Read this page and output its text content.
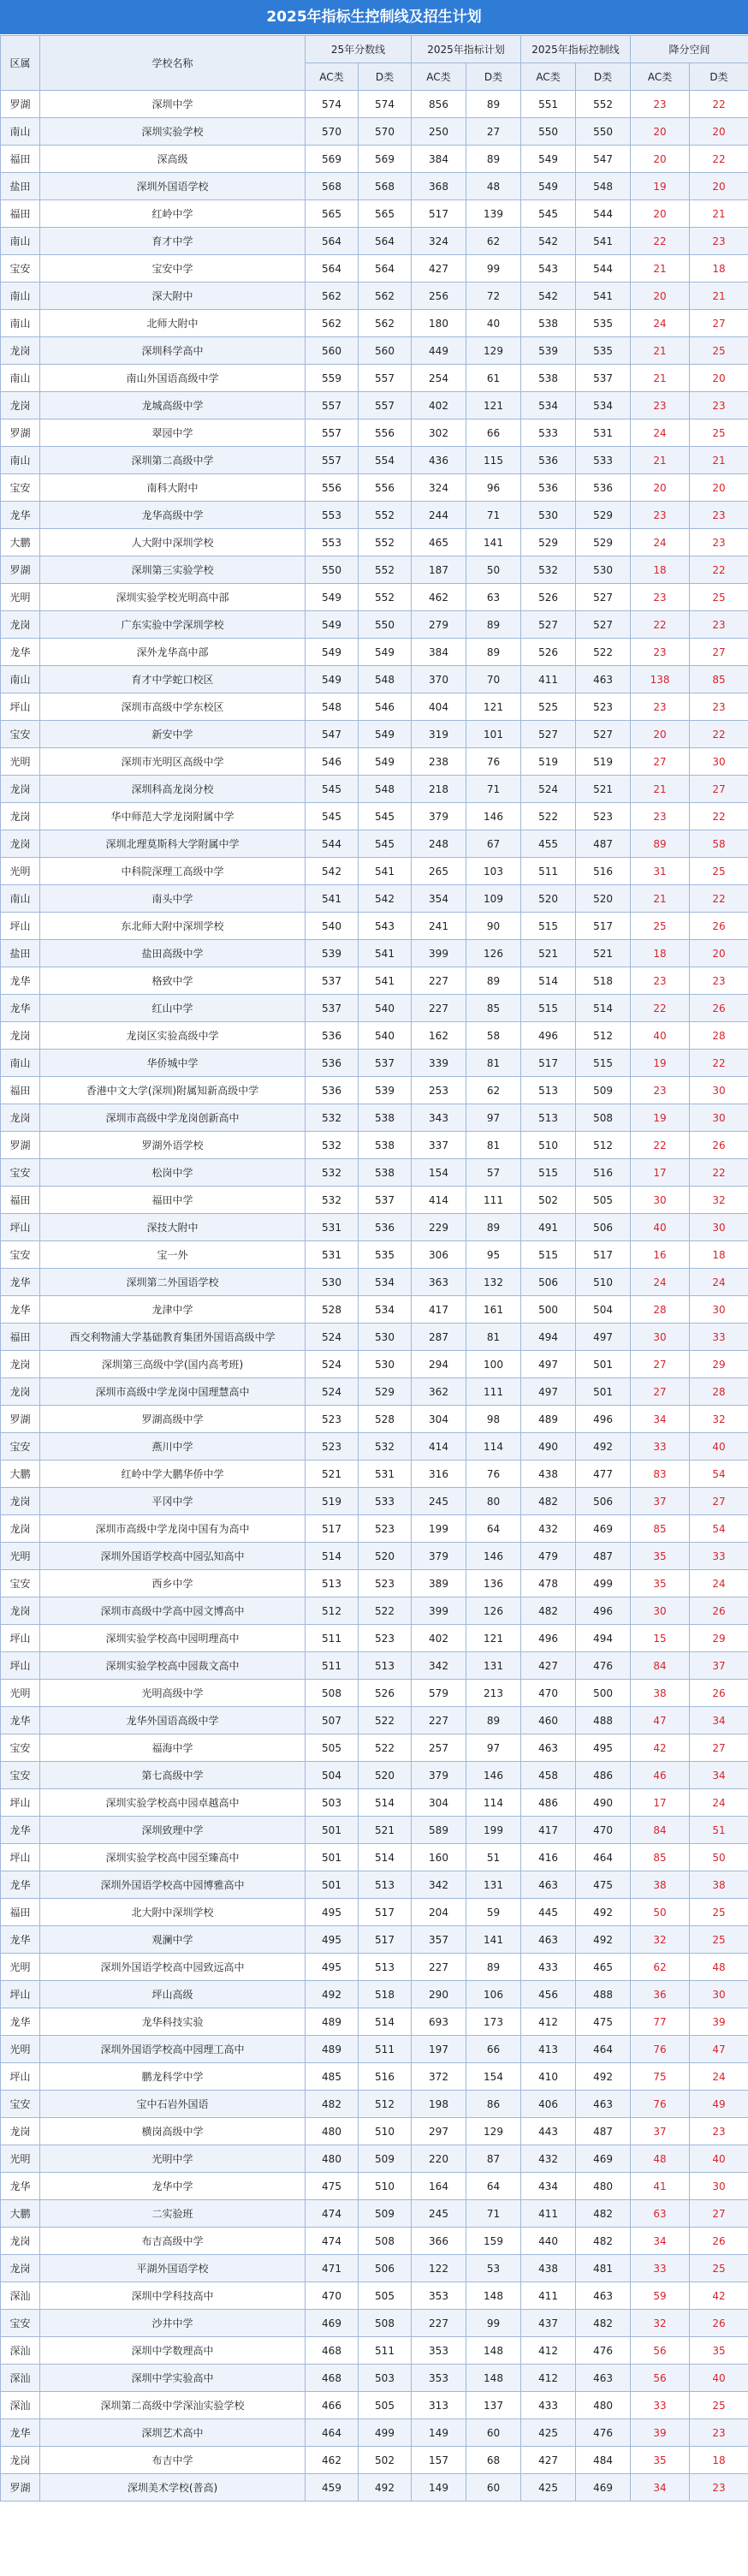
2025年指标生控制线及招生计划
区属	学校名称	25年分数线		2025年指标计划		2025年指标控制线		降分空间	
		AC类	D类	AC类	D类	AC类	D类	AC类	D类
罗湖	深圳中学	574	574	856	89	551	552	23	22
南山	深圳实验学校	570	570	250	27	550	550	20	20
福田	深高级	569	569	384	89	549	547	20	22
盐田	深圳外国语学校	568	568	368	48	549	548	19	20
福田	红岭中学	565	565	517	139	545	544	20	21
南山	育才中学	564	564	324	62	542	541	22	23
宝安	宝安中学	564	564	427	99	543	544	21	18
南山	深大附中	562	562	256	72	542	541	20	21
南山	北师大附中	562	562	180	40	538	535	24	27
龙岗	深圳科学高中	560	560	449	129	539	535	21	25
南山	南山外国语高级中学	559	557	254	61	538	537	21	20
龙岗	龙城高级中学	557	557	402	121	534	534	23	23
罗湖	翠园中学	557	556	302	66	533	531	24	25
南山	深圳第二高级中学	557	554	436	115	536	533	21	21
宝安	南科大附中	556	556	324	96	536	536	20	20
龙华	龙华高级中学	553	552	244	71	530	529	23	23
大鹏	人大附中深圳学校	553	552	465	141	529	529	24	23
罗湖	深圳第三实验学校	550	552	187	50	532	530	18	22
光明	深圳实验学校光明高中部	549	552	462	63	526	527	23	25
龙岗	广东实验中学深圳学校	549	550	279	89	527	527	22	23
龙华	深外龙华高中部	549	549	384	89	526	522	23	27
南山	育才中学蛇口校区	549	548	370	70	411	463	138	85
坪山	深圳市高级中学东校区	548	546	404	121	525	523	23	23
宝安	新安中学	547	549	319	101	527	527	20	22
光明	深圳市光明区高级中学	546	549	238	76	519	519	27	30
龙岗	深圳科高龙岗分校	545	548	218	71	524	521	21	27
龙岗	华中师范大学龙岗附属中学	545	545	379	146	522	523	23	22
龙岗	深圳北理莫斯科大学附属中学	544	545	248	67	455	487	89	58
光明	中科院深理工高级中学	542	541	265	103	511	516	31	25
南山	南头中学	541	542	354	109	520	520	21	22
坪山	东北师大附中深圳学校	540	543	241	90	515	517	25	26
盐田	盐田高级中学	539	541	399	126	521	521	18	20
龙华	格致中学	537	541	227	89	514	518	23	23
龙华	红山中学	537	540	227	85	515	514	22	26
龙岗	龙岗区实验高级中学	536	540	162	58	496	512	40	28
南山	华侨城中学	536	537	339	81	517	515	19	22
福田	香港中文大学(深圳)附属知新高级中学	536	539	253	62	513	509	23	30
龙岗	深圳市高级中学龙岗创新高中	532	538	343	97	513	508	19	30
罗湖	罗湖外语学校	532	538	337	81	510	512	22	26
宝安	松岗中学	532	538	154	57	515	516	17	22
福田	福田中学	532	537	414	111	502	505	30	32
坪山	深技大附中	531	536	229	89	491	506	40	30
宝安	宝一外	531	535	306	95	515	517	16	18
龙华	深圳第二外国语学校	530	534	363	132	506	510	24	24
龙华	龙津中学	528	534	417	161	500	504	28	30
福田	西交利物浦大学基础教育集团外国语高级中学	524	530	287	81	494	497	30	33
龙岗	深圳第三高级中学(国内高考班)	524	530	294	100	497	501	27	29
龙岗	深圳市高级中学龙岗中国理慧高中	524	529	362	111	497	501	27	28
罗湖	罗湖高级中学	523	528	304	98	489	496	34	32
宝安	燕川中学	523	532	414	114	490	492	33	40
大鹏	红岭中学大鹏华侨中学	521	531	316	76	438	477	83	54
龙岗	平冈中学	519	533	245	80	482	506	37	27
龙岗	深圳市高级中学龙岗中国有为高中	517	523	199	64	432	469	85	54
光明	深圳外国语学校高中园弘知高中	514	520	379	146	479	487	35	33
宝安	西乡中学	513	523	389	136	478	499	35	24
龙岗	深圳市高级中学高中园文博高中	512	522	399	126	482	496	30	26
坪山	深圳实验学校高中园明理高中	511	523	402	121	496	494	15	29
坪山	深圳实验学校高中园裁文高中	511	513	342	131	427	476	84	37
光明	光明高级中学	508	526	579	213	470	500	38	26
龙华	龙华外国语高级中学	507	522	227	89	460	488	47	34
宝安	福海中学	505	522	257	97	463	495	42	27
宝安	第七高级中学	504	520	379	146	458	486	46	34
坪山	深圳实验学校高中园卓越高中	503	514	304	114	486	490	17	24
龙华	深圳致理中学	501	521	589	199	417	470	84	51
坪山	深圳实验学校高中园至臻高中	501	514	160	51	416	464	85	50
龙华	深圳外国语学校高中园博雅高中	501	513	342	131	463	475	38	38
福田	北大附中深圳学校	495	517	204	59	445	492	50	25
龙华	观澜中学	495	517	357	141	463	492	32	25
光明	深圳外国语学校高中园致远高中	495	513	227	89	433	465	62	48
坪山	坪山高级	492	518	290	106	456	488	36	30
龙华	龙华科技实验	489	514	693	173	412	475	77	39
光明	深圳外国语学校高中园理工高中	489	511	197	66	413	464	76	47
坪山	鹏龙科学中学	485	516	372	154	410	492	75	24
宝安	宝中石岩外国语	482	512	198	86	406	463	76	49
龙岗	横岗高级中学	480	510	297	129	443	487	37	23
光明	光明中学	480	509	220	87	432	469	48	40
龙华	龙华中学	475	510	164	64	434	480	41	30
大鹏	二实验班	474	509	245	71	411	482	63	27
龙岗	布吉高级中学	474	508	366	159	440	482	34	26
龙岗	平湖外国语学校	471	506	122	53	438	481	33	25
深汕	深圳中学科技高中	470	505	353	148	411	463	59	42
宝安	沙井中学	469	508	227	99	437	482	32	26
深汕	深圳中学数理高中	468	511	353	148	412	476	56	35
深汕	深圳中学实验高中	468	503	353	148	412	463	56	40
深汕	深圳第二高级中学深汕实验学校	466	505	313	137	433	480	33	25
龙华	深圳艺术高中	464	499	149	60	425	476	39	23
龙岗	布吉中学	462	502	157	68	427	484	35	18
罗湖	深圳美术学校(普高)	459	492	149	60	425	469	34	23
